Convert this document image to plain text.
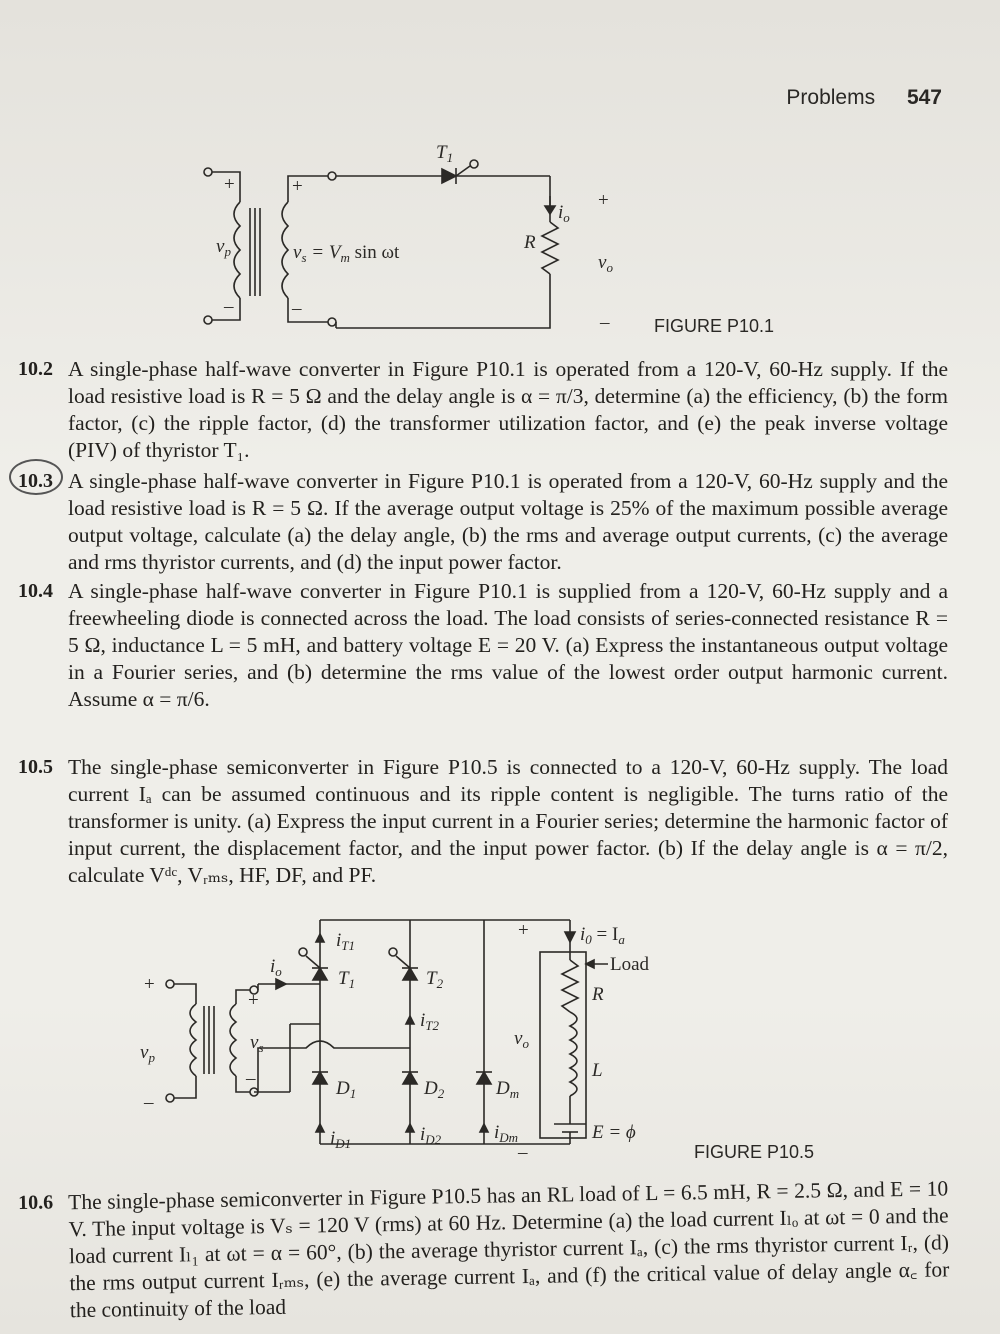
Problems 547
+
–
$v_p$
+
–
$v_s = V_m$ sin ωt
$T_1$
$i_o$
R
+
$v_o$
– FIGURE P10.1
10.2 A single-phase half-wave converter in Figure P10.1 is operated from a 120-V, 60-Hz supply. If the load resistive load is R = 5 Ω and the delay angle is α = π/3, determine (a) the efficiency, (b) the form factor, (c) the ripple factor, (d) the transformer utilization factor, and (e) the peak inverse voltage (PIV) of thyristor T₁.
10.3 A single-phase half-wave converter in Figure P10.1 is operated from a 120-V, 60-Hz supply and the load resistive load is R = 5 Ω. If the average output voltage is 25% of the maximum possible average output voltage, calculate (a) the delay angle, (b) the rms and average output currents, (c) the average and rms thyristor currents, and (d) the input power factor.
10.4 A single-phase half-wave converter in Figure P10.1 is supplied from a 120-V, 60-Hz supply and a freewheeling diode is connected across the load. The load consists of series-connected resistance R = 5 Ω, inductance L = 5 mH, and battery voltage E = 20 V. (a) Express the instantaneous output voltage in a Fourier series, and (b) determine the rms value of the lowest order output harmonic current. Assume α = π/6.
10.5 The single-phase semiconverter in Figure P10.5 is connected to a 120-V, 60-Hz supply. The load current Iₐ can be assumed continuous and its ripple content is negligible. The turns ratio of the transformer is unity. (a) Express the input current in a Fourier series; determine the harmonic factor of input current, the displacement factor, and the input power factor. (b) If the delay angle is α = π/2, calculate Vᵈᶜ, Vᵣₘₛ, HF, DF, and PF.
$i_{T1}$
$T_1$	$T_2$
$i_{T2}$
$i_o$
+
–
$v_p$
$v_s$
+
–	$D_1$	$D_2$	$D_m$
$i_{D1}$	$i_{D2}$	$i_{Dm}$
$v_o$
+
–
$i_0 = I_a$
Load
R
L
E = ϕ
FIGURE P10.5
10.6 The single-phase semiconverter in Figure P10.5 has an RL load of L = 6.5 mH, R = 2.5 Ω, and E = 10 V. The input voltage is Vₛ = 120 V (rms) at 60 Hz. Determine (a) the load current Iₗₒ at ωt = 0 and the load current Iₗ₁ at ωt = α = 60°, (b) the average thyristor current Iₐ, (c) the rms thyristor current Iᵣ, (d) the rms output current Iᵣₘₛ, (e) the average current Iₐ, and (f) the critical value of delay angle α꜀ for the continuity of the load
